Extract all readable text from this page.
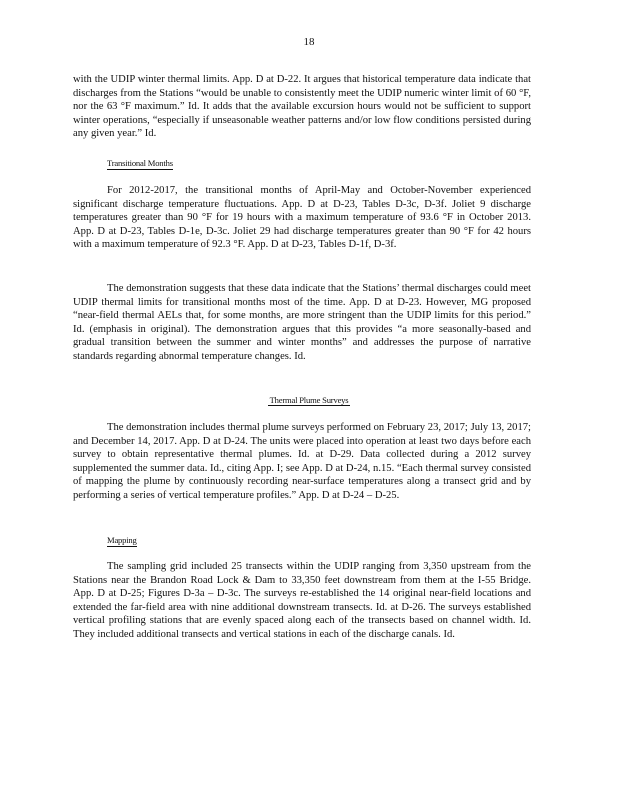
18

with the UDIP winter thermal limits. App. D at D-22. It argues that historical temperature data indicate that discharges from the Stations “would be unable to consistently meet the UDIP numeric winter limit of 60 °F, nor the 63 °F maximum.” Id. It adds that the available excursion hours would not be sufficient to support winter operations, “especially if unseasonable weather patterns and/or low flow conditions persisted during any given year.” Id.

Transitional Months

For 2012-2017, the transitional months of April-May and October-November experienced significant discharge temperature fluctuations. App. D at D-23, Tables D-3c, D-3f. Joliet 9 discharge temperatures greater than 90 °F for 19 hours with a maximum temperature of 93.6 °F in October 2013. App. D at D-23, Tables D-1e, D-3c. Joliet 29 had discharge temperatures greater than 90 °F for 42 hours with a maximum temperature of 92.3 °F. App. D at D-23, Tables D-1f, D-3f.

The demonstration suggests that these data indicate that the Stations’ thermal discharges could meet UDIP thermal limits for transitional months most of the time. App. D at D-23. However, MG proposed “near-field thermal AELs that, for some months, are more stringent than the UDIP limits for this period.” Id. (emphasis in original). The demonstration argues that this provides “a more seasonally-based and gradual transition between the summer and winter months” and addresses the purpose of narrative standards regarding abnormal temperature changes. Id.

Thermal Plume Surveys

The demonstration includes thermal plume surveys performed on February 23, 2017; July 13, 2017; and December 14, 2017. App. D at D-24. The units were placed into operation at least two days before each survey to obtain representative thermal plumes. Id. at D-29. Data collected during a 2012 survey supplemented the summer data. Id., citing App. I; see App. D at D-24, n.15. “Each thermal survey consisted of mapping the plume by continuously recording near-surface temperatures along a transect grid and by performing a series of vertical temperature profiles.” App. D at D-24 – D-25.

Mapping

The sampling grid included 25 transects within the UDIP ranging from 3,350 upstream from the Stations near the Brandon Road Lock & Dam to 33,350 feet downstream from them at the I-55 Bridge. App. D at D-25; Figures D-3a – D-3c. The surveys re-established the 14 original near-field locations and extended the far-field area with nine additional downstream transects. Id. at D-26. The surveys established vertical profiling stations that are evenly spaced along each of the transects based on channel width. Id. They included additional transects and vertical stations in each of the discharge canals. Id.
